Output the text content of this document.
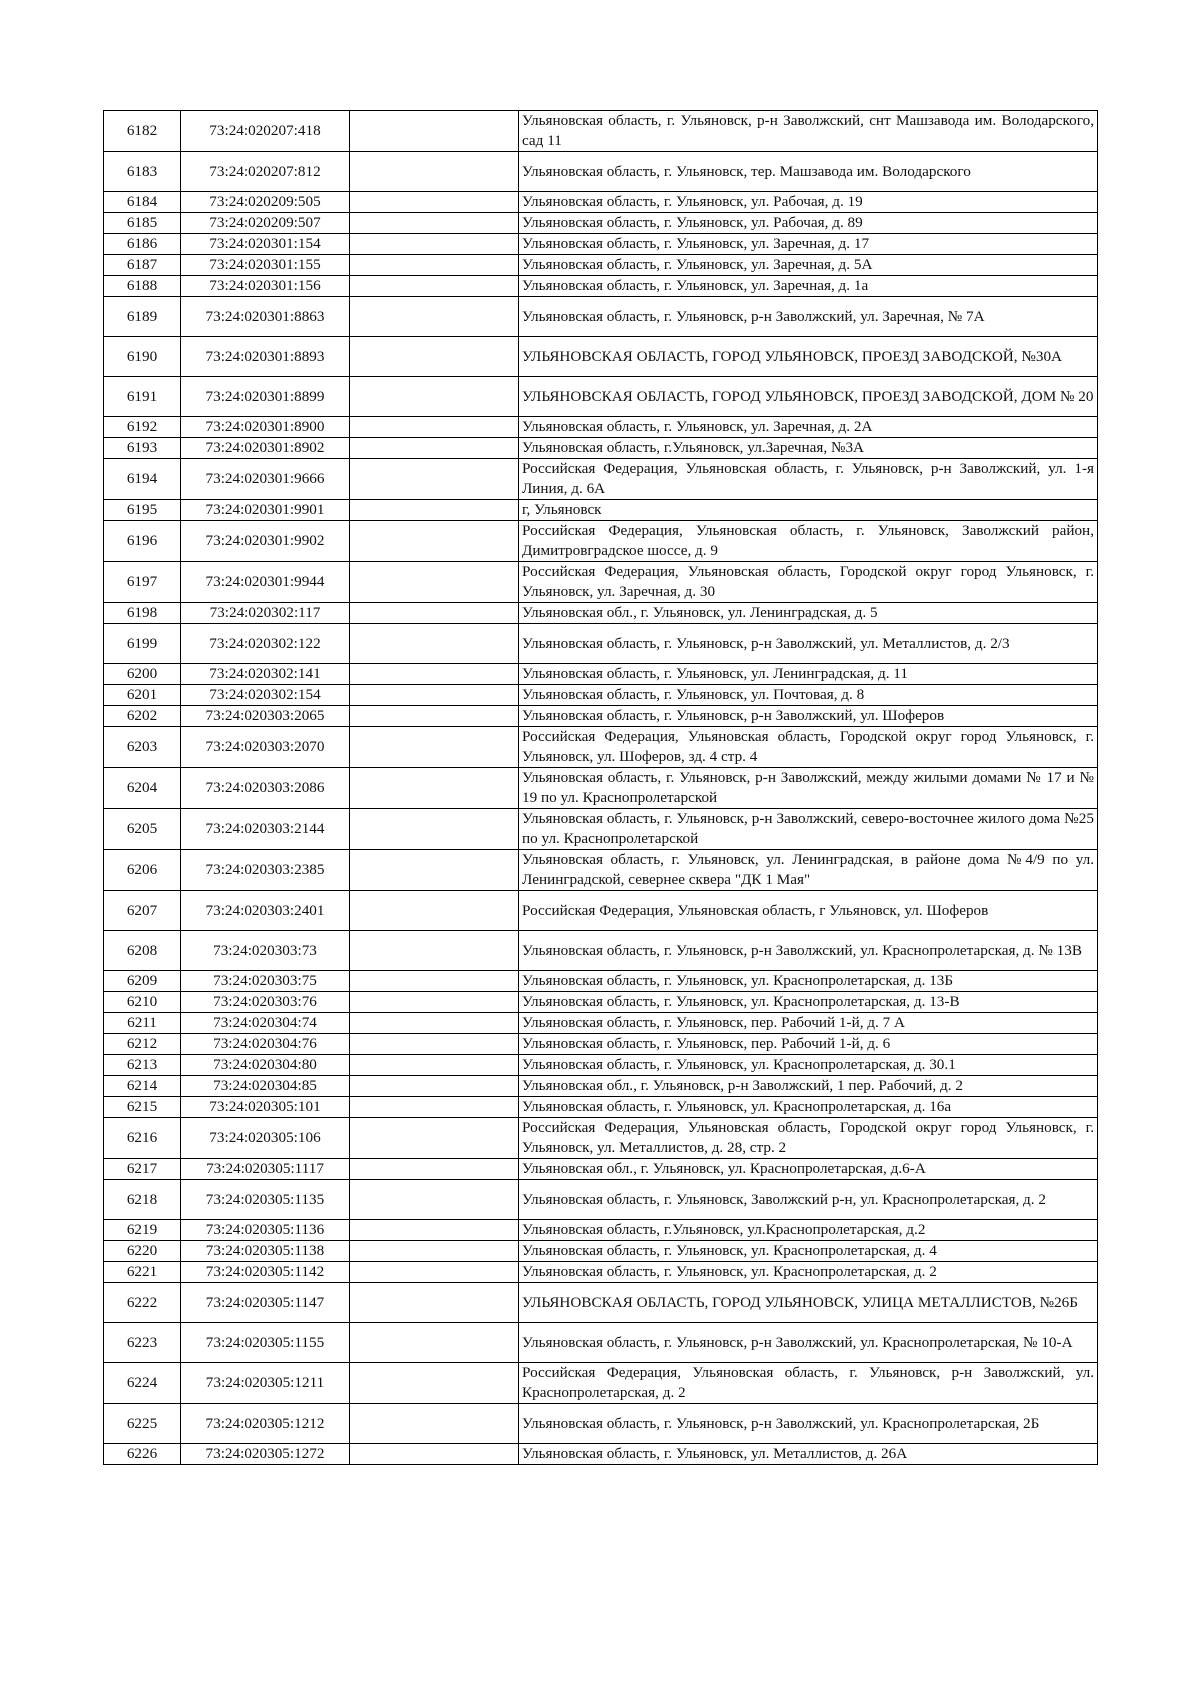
6182	73:24:020207:418		Ульяновская область, г. Ульяновск, р-н Заволжский, снт Машзавода им. Володарского, сад 11
6183	73:24:020207:812		Ульяновская область, г. Ульяновск, тер. Машзавода им. Володарского
6184	73:24:020209:505		Ульяновская область, г. Ульяновск, ул. Рабочая, д. 19
6185	73:24:020209:507		Ульяновская область, г. Ульяновск, ул. Рабочая, д. 89
6186	73:24:020301:154		Ульяновская область, г. Ульяновск, ул. Заречная, д. 17
6187	73:24:020301:155		Ульяновская область, г. Ульяновск, ул. Заречная, д. 5А
6188	73:24:020301:156		Ульяновская область, г. Ульяновск, ул. Заречная, д. 1а
6189	73:24:020301:8863		Ульяновская область, г. Ульяновск, р-н Заволжский, ул. Заречная, № 7А
6190	73:24:020301:8893		УЛЬЯНОВСКАЯ ОБЛАСТЬ, ГОРОД УЛЬЯНОВСК, ПРОЕЗД ЗАВОДСКОЙ, №30А
6191	73:24:020301:8899		УЛЬЯНОВСКАЯ ОБЛАСТЬ, ГОРОД УЛЬЯНОВСК, ПРОЕЗД ЗАВОДСКОЙ, ДОМ № 20
6192	73:24:020301:8900		Ульяновская область, г. Ульяновск, ул. Заречная, д. 2А
6193	73:24:020301:8902		Ульяновская область, г.Ульяновск, ул.Заречная, №3А
6194	73:24:020301:9666		Российская Федерация, Ульяновская область, г. Ульяновск, р-н Заволжский, ул. 1-я Линия, д. 6А
6195	73:24:020301:9901		г, Ульяновск
6196	73:24:020301:9902		Российская Федерация, Ульяновская область, г. Ульяновск, Заволжский район, Димитровградское шоссе, д. 9
6197	73:24:020301:9944		Российская Федерация, Ульяновская область, Городской округ город Ульяновск, г. Ульяновск, ул. Заречная, д. 30
6198	73:24:020302:117		Ульяновская обл., г. Ульяновск, ул. Ленинградская, д. 5
6199	73:24:020302:122		Ульяновская область, г. Ульяновск, р-н Заволжский, ул. Металлистов, д. 2/3
6200	73:24:020302:141		Ульяновская область, г. Ульяновск, ул. Ленинградская, д. 11
6201	73:24:020302:154		Ульяновская область, г. Ульяновск, ул. Почтовая, д. 8
6202	73:24:020303:2065		Ульяновская область, г. Ульяновск, р-н Заволжский, ул. Шоферов
6203	73:24:020303:2070		Российская Федерация, Ульяновская область, Городской округ город Ульяновск, г. Ульяновск, ул. Шоферов, зд. 4 стр. 4
6204	73:24:020303:2086		Ульяновская область, г. Ульяновск, р-н Заволжский, между жилыми домами № 17 и № 19 по ул. Краснопролетарской
6205	73:24:020303:2144		Ульяновская область, г. Ульяновск, р-н Заволжский, северо-восточнее жилого дома №25 по ул. Краснопролетарской
6206	73:24:020303:2385		Ульяновская область, г. Ульяновск, ул. Ленинградская, в районе дома №4/9 по ул. Ленинградской, севернее сквера "ДК 1 Мая"
6207	73:24:020303:2401		Российская Федерация, Ульяновская область, г Ульяновск, ул. Шоферов
6208	73:24:020303:73		Ульяновская область, г. Ульяновск, р-н Заволжский, ул. Краснопролетарская, д. № 13В
6209	73:24:020303:75		Ульяновская область, г. Ульяновск, ул. Краснопролетарская, д. 13Б
6210	73:24:020303:76		Ульяновская область, г. Ульяновск, ул. Краснопролетарская, д. 13-В
6211	73:24:020304:74		Ульяновская область, г. Ульяновск, пер. Рабочий 1-й, д. 7 А
6212	73:24:020304:76		Ульяновская область, г. Ульяновск, пер. Рабочий 1-й, д. 6
6213	73:24:020304:80		Ульяновская область, г. Ульяновск, ул. Краснопролетарская, д. 30.1
6214	73:24:020304:85		Ульяновская обл., г. Ульяновск, р-н Заволжский, 1 пер. Рабочий, д. 2
6215	73:24:020305:101		Ульяновская область, г. Ульяновск, ул. Краснопролетарская, д. 16а
6216	73:24:020305:106		Российская Федерация, Ульяновская область, Городской округ город Ульяновск, г. Ульяновск, ул. Металлистов, д. 28, стр. 2
6217	73:24:020305:1117		Ульяновская обл., г. Ульяновск, ул. Краснопролетарская, д.6-А
6218	73:24:020305:1135		Ульяновская область, г. Ульяновск, Заволжский р-н, ул. Краснопролетарская, д. 2
6219	73:24:020305:1136		Ульяновская область, г.Ульяновск, ул.Краснопролетарская, д.2
6220	73:24:020305:1138		Ульяновская область, г. Ульяновск, ул. Краснопролетарская, д. 4
6221	73:24:020305:1142		Ульяновская область, г. Ульяновск, ул. Краснопролетарская, д. 2
6222	73:24:020305:1147		УЛЬЯНОВСКАЯ ОБЛАСТЬ, ГОРОД УЛЬЯНОВСК, УЛИЦА МЕТАЛЛИСТОВ, №26Б
6223	73:24:020305:1155		Ульяновская область, г. Ульяновск, р-н Заволжский, ул. Краснопролетарская, № 10-А
6224	73:24:020305:1211		Российская Федерация, Ульяновская область, г. Ульяновск, р-н Заволжский, ул. Краснопролетарская, д. 2
6225	73:24:020305:1212		Ульяновская область, г. Ульяновск, р-н Заволжский, ул. Краснопролетарская, 2Б
6226	73:24:020305:1272		Ульяновская область, г. Ульяновск, ул. Металлистов, д. 26А
